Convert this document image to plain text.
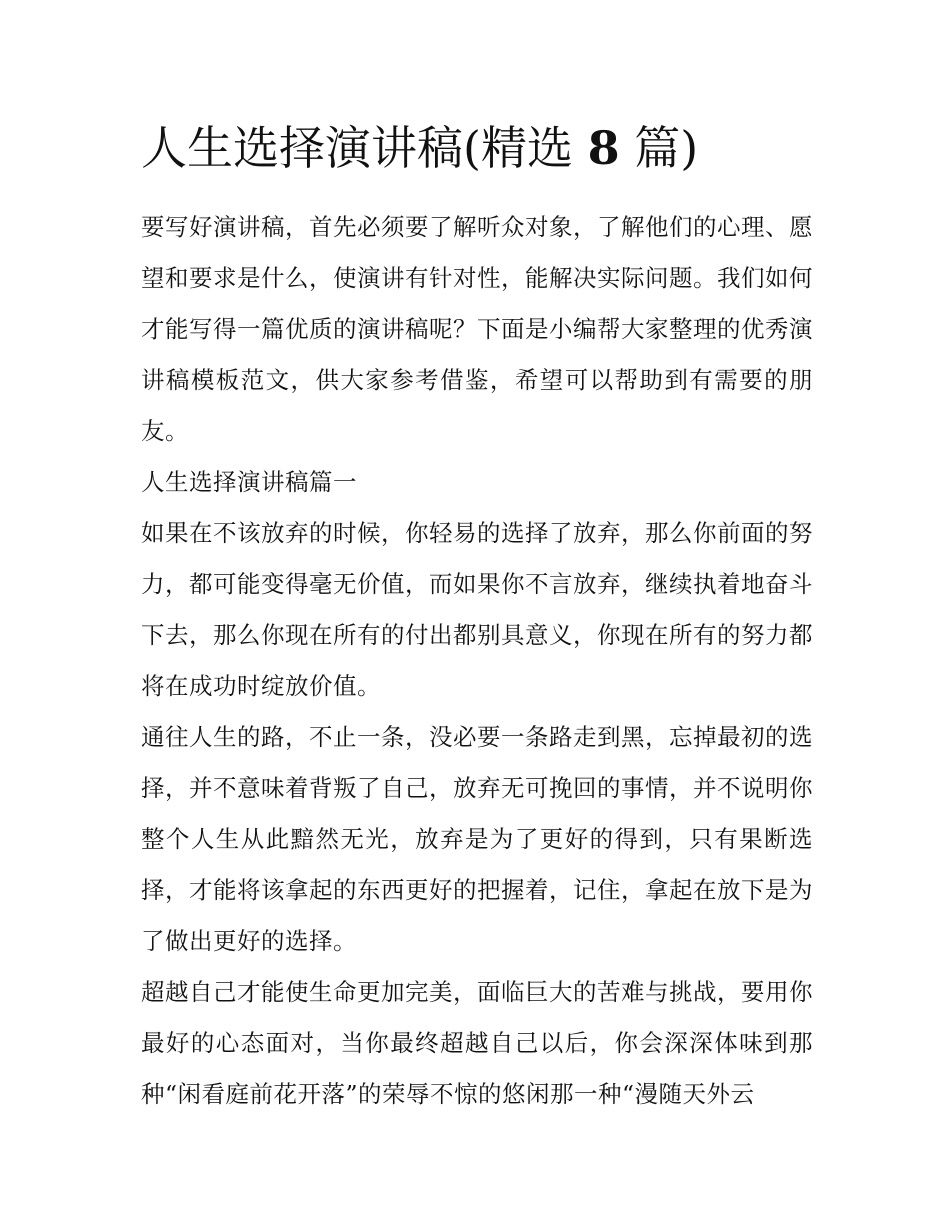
人生选择演讲稿(精选 8 篇)

要写好演讲稿，首先必须要了解听众对象，了解他们的心理、愿望和要求是什么，使演讲有针对性，能解决实际问题。我们如何才能写得一篇优质的演讲稿呢？下面是小编帮大家整理的优秀演讲稿模板范文，供大家参考借鉴，希望可以帮助到有需要的朋友。

人生选择演讲稿篇一

如果在不该放弃的时候，你轻易的选择了放弃，那么你前面的努力，都可能变得毫无价值，而如果你不言放弃，继续执着地奋斗下去，那么你现在所有的付出都别具意义，你现在所有的努力都将在成功时绽放价值。

通往人生的路，不止一条，没必要一条路走到黑，忘掉最初的选择，并不意味着背叛了自己，放弃无可挽回的事情，并不说明你整个人生从此黯然无光，放弃是为了更好的得到，只有果断选择，才能将该拿起的东西更好的把握着，记住，拿起在放下是为了做出更好的选择。

超越自己才能使生命更加完美，面临巨大的苦难与挑战，要用你最好的心态面对，当你最终超越自己以后，你会深深体味到那种“闲看庭前花开落”的荣辱不惊的悠闲那一种“漫随天外云
